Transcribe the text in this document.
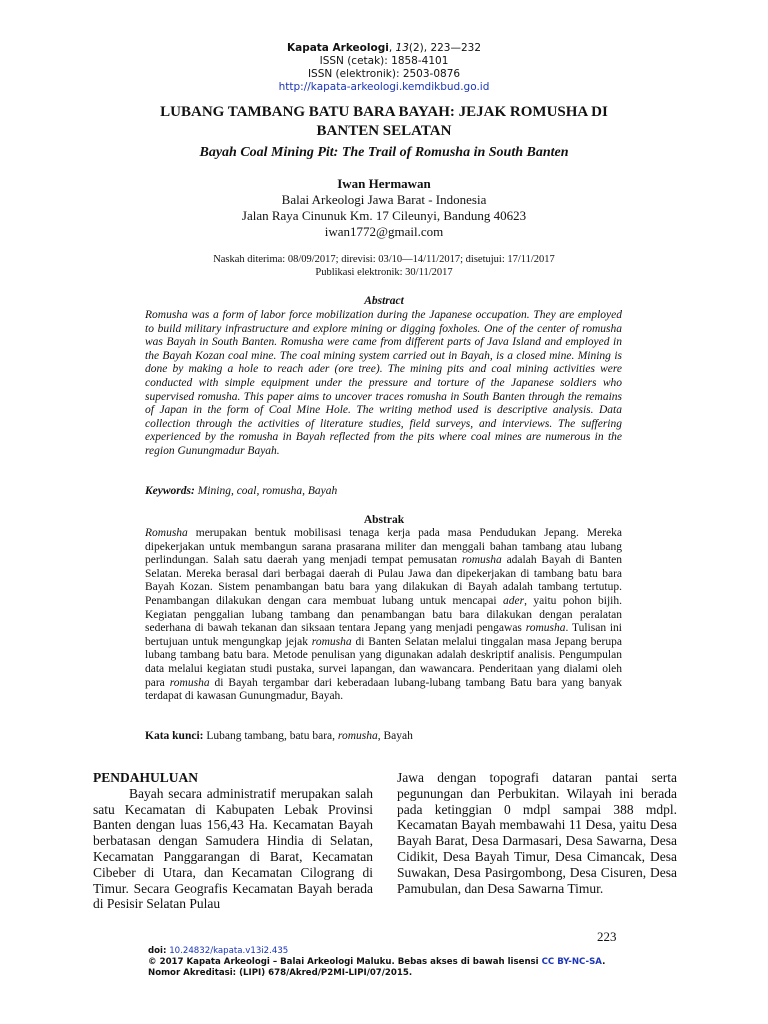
Kapata Arkeologi, 13(2), 223—232
ISSN (cetak): 1858-4101
ISSN (elektronik): 2503-0876
http://kapata-arkeologi.kemdikbud.go.id
LUBANG TAMBANG BATU BARA BAYAH: JEJAK ROMUSHA DI BANTEN SELATAN
Bayah Coal Mining Pit: The Trail of Romusha in South Banten
Iwan Hermawan
Balai Arkeologi Jawa Barat - Indonesia
Jalan Raya Cinunuk Km. 17 Cileunyi, Bandung 40623
iwan1772@gmail.com
Naskah diterima: 08/09/2017; direvisi: 03/10—14/11/2017; disetujui: 17/11/2017
Publikasi elektronik: 30/11/2017
Abstract

Romusha was a form of labor force mobilization during the Japanese occupation. They are employed to build military infrastructure and explore mining or digging foxholes. One of the center of romusha was Bayah in South Banten. Romusha were came from different parts of Java Island and employed in the Bayah Kozan coal mine. The coal mining system carried out in Bayah, is a closed mine. Mining is done by making a hole to reach ader (ore tree). The mining pits and coal mining activities were conducted with simple equipment under the pressure and torture of the Japanese soldiers who supervised romusha. This paper aims to uncover traces romusha in South Banten through the remains of Japan in the form of Coal Mine Hole. The writing method used is descriptive analysis. Data collection through the activities of literature studies, field surveys, and interviews. The suffering experienced by the romusha in Bayah reflected from the pits where coal mines are numerous in the region Gunungmadur Bayah.

Keywords: Mining, coal, romusha, Bayah
Abstrak

Romusha merupakan bentuk mobilisasi tenaga kerja pada masa Pendudukan Jepang. Mereka dipekerjakan untuk membangun sarana prasarana militer dan menggali bahan tambang atau lubang perlindungan. Salah satu daerah yang menjadi tempat pemusatan romusha adalah Bayah di Banten Selatan. Mereka berasal dari berbagai daerah di Pulau Jawa dan dipekerjakan di tambang batu bara Bayah Kozan. Sistem penambangan batu bara yang dilakukan di Bayah adalah tambang tertutup. Penambangan dilakukan dengan cara membuat lubang untuk mencapai ader, yaitu pohon bijih. Kegiatan penggalian lubang tambang dan penambangan batu bara dilakukan dengan peralatan sederhana di bawah tekanan dan siksaan tentara Jepang yang menjadi pengawas romusha. Tulisan ini bertujuan untuk mengungkap jejak romusha di Banten Selatan melalui tinggalan masa Jepang berupa lubang tambang batu bara. Metode penulisan yang digunakan adalah deskriptif analisis. Pengumpulan data melalui kegiatan studi pustaka, survei lapangan, dan wawancara. Penderitaan yang dialami oleh para romusha di Bayah tergambar dari keberadaan lubang-lubang tambang Batu bara yang banyak terdapat di kawasan Gunungmadur, Bayah.

Kata kunci: Lubang tambang, batu bara, romusha, Bayah
PENDAHULUAN

Bayah secara administratif merupakan salah satu Kecamatan di Kabupaten Lebak Provinsi Banten dengan luas 156,43 Ha. Kecamatan Bayah berbatasan dengan Samudera Hindia di Selatan, Kecamatan Panggarangan di Barat, Kecamatan Cibeber di Utara, dan Kecamatan Cilograng di Timur. Secara Geografis Kecamatan Bayah berada di Pesisir Selatan Pulau

Jawa dengan topografi dataran pantai serta pegunungan dan Perbukitan. Wilayah ini berada pada ketinggian 0 mdpl sampai 388 mdpl. Kecamatan Bayah membawahi 11 Desa, yaitu Desa Bayah Barat, Desa Darmasari, Desa Sawarna, Desa Cidikit, Desa Bayah Timur, Desa Cimancak, Desa Suwakan, Desa Pasirgombong, Desa Cisuren, Desa Pamubulan, dan Desa Sawarna Timur.

223
doi: 10.24832/kapata.v13i2.435
© 2017 Kapata Arkeologi – Balai Arkeologi Maluku. Bebas akses di bawah lisensi CC BY-NC-SA.
Nomor Akreditasi: (LIPI) 678/Akred/P2MI-LIPI/07/2015.
